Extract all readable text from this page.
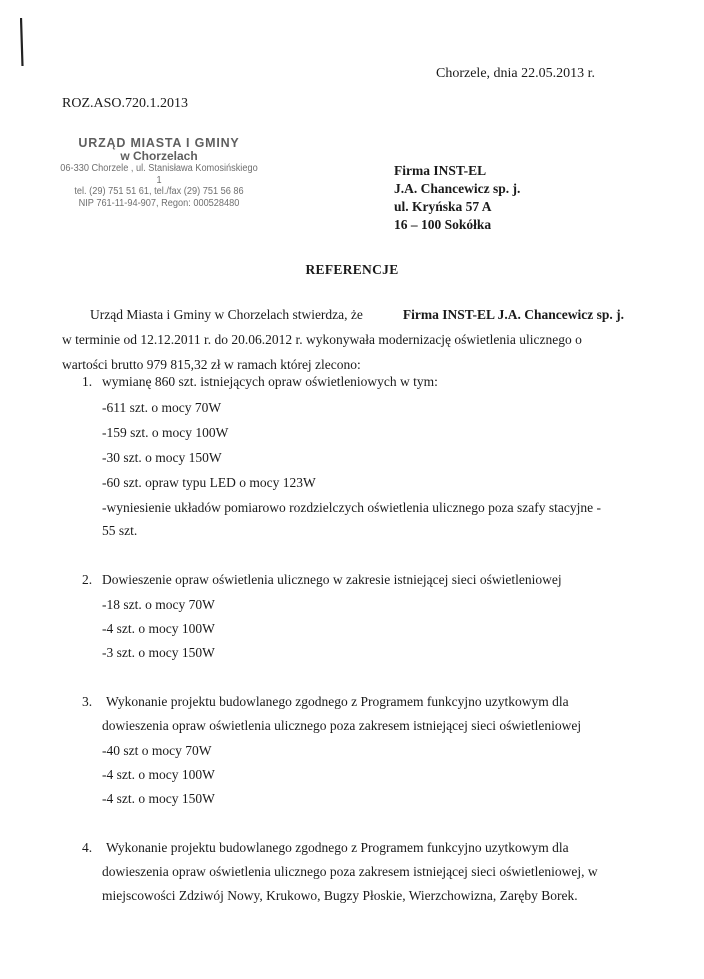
Chorzele, dnia 22.05.2013 r.
ROZ.ASO.720.1.2013
URZĄD MIASTA I GMINY
w Chorzelach
06-330 Chorzele , ul. Stanisława Komosińskiego 1
tel. (29) 751 51 61, tel./fax (29) 751 56 86
NIP 761-11-94-907, Regon: 000528480
Firma INST-EL
J.A. Chancewicz sp. j.
ul. Kryńska 57 A
16 – 100 Sokółka
REFERENCJE
Urząd Miasta i Gminy w Chorzelach stwierdza, że	Firma INST-EL J.A. Chancewicz sp. j.
w terminie od 12.12.2011 r. do 20.06.2012 r. wykonywała modernizację oświetlenia ulicznego o
wartości brutto 979 815,32 zł w ramach której zlecono:
1. wymianę 860 szt. istniejących opraw oświetleniowych w tym:
-611 szt. o mocy 70W
-159 szt. o mocy 100W
-30 szt. o mocy 150W
-60 szt. opraw typu LED o mocy 123W
-wyniesienie układów pomiarowo rozdzielczych oświetlenia ulicznego poza szafy stacyjne -
55 szt.
2. Dowieszenie opraw oświetlenia ulicznego w zakresie istniejącej sieci oświetleniowej
-18 szt. o mocy 70W
-4 szt. o mocy 100W
-3 szt. o mocy 150W
3. Wykonanie projektu budowlanego zgodnego z Programem funkcyjno uzytkowym dla
dowieszenia opraw oświetlenia ulicznego poza zakresem istniejącej sieci oświetleniowej
-40 szt o mocy 70W
-4 szt. o mocy 100W
-4 szt. o mocy 150W
4. Wykonanie projektu budowlanego zgodnego z Programem funkcyjno uzytkowym dla
dowieszenia opraw oświetlenia ulicznego poza zakresem istniejącej sieci oświetleniowej, w
miejscowości Zdziwój Nowy, Krukowo, Bugzy Płoskie, Wierzchowizna, Zaręby Borek.
